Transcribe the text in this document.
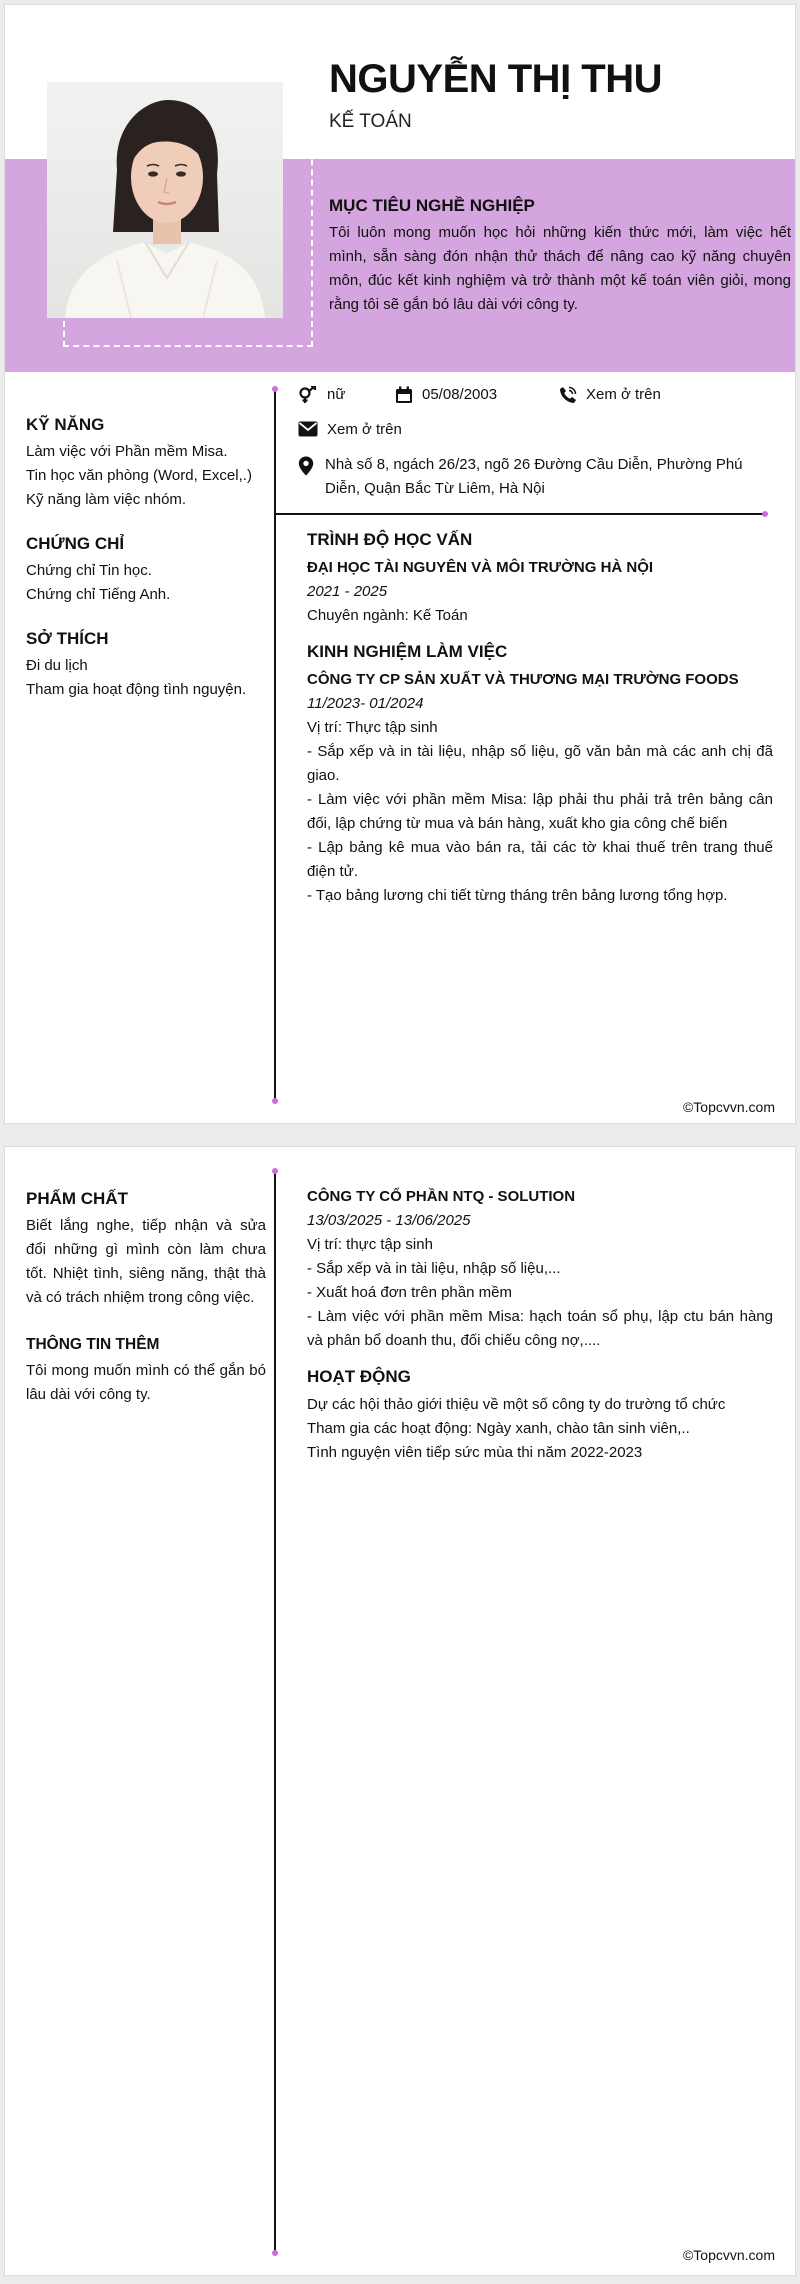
NGUYỄN THỊ THU
KẾ TOÁN
MỤC TIÊU NGHỀ NGHIỆP

Tôi luôn mong muốn học hỏi những kiến thức mới, làm việc hết mình, sẵn sàng đón nhận thử thách để nâng cao kỹ năng chuyên môn, đúc kết kinh nghiệm và trở thành một kế toán viên giỏi, mong rằng tôi sẽ gắn bó lâu dài với công ty.

nữ	05/08/2003	Xem ở trên
Xem ở trên
Nhà số 8, ngách 26/23, ngõ 26 Đường Cầu Diễn, Phường Phú Diễn, Quận Bắc Từ Liêm, Hà Nội
KỸ NĂNG

Làm việc với Phần mềm Misa.

Tin học văn phòng (Word, Excel,.)

Kỹ năng làm việc nhóm.

CHỨNG CHỈ

Chứng chỉ Tin học.

Chứng chỉ Tiếng Anh.

SỞ THÍCH

Đi du lịch

Tham gia hoạt động tình nguyện.

TRÌNH ĐỘ HỌC VẤN
ĐẠI HỌC TÀI NGUYÊN VÀ MÔI TRƯỜNG HÀ NỘI
2021 - 2025

Chuyên ngành: Kế Toán

KINH NGHIỆM LÀM VIỆC
CÔNG TY CP SẢN XUẤT VÀ THƯƠNG MẠI TRƯỜNG FOODS
11/2023- 01/2024

Vị trí: Thực tập sinh

- Sắp xếp và in tài liệu, nhập số liệu, gõ văn bản mà các anh chị đã giao.

- Làm việc với phần mềm Misa: lập phải thu phải trả trên bảng cân đối, lập chứng từ mua và bán hàng, xuất kho gia công chế biến

- Lập bảng kê mua vào bán ra, tải các tờ khai thuế trên trang thuế điện tử.

- Tạo bảng lương chi tiết từng tháng trên bảng lương tổng hợp.

©Topcvvn.com
PHẨM CHẤT

Biết lắng nghe, tiếp nhận và sửa đổi những gì mình còn làm chưa tốt. Nhiệt tình, siêng năng, thật thà và có trách nhiệm trong công việc.

THÔNG TIN THÊM

Tôi mong muốn mình có thể gắn bó lâu dài với công ty.

CÔNG TY CỔ PHẦN NTQ - SOLUTION
13/03/2025 - 13/06/2025

Vị trí: thực tập sinh

- Sắp xếp và in tài liệu, nhập số liệu,...

- Xuất hoá đơn trên phần mềm

- Làm việc với phần mềm Misa: hạch toán sổ phụ, lập ctu bán hàng và phân bổ doanh thu, đối chiếu công nợ,....

HOẠT ĐỘNG

Dự các hội thảo giới thiệu về một số công ty do trường tổ chức

Tham gia các hoạt động: Ngày xanh, chào tân sinh viên,..

Tình nguyện viên tiếp sức mùa thi năm 2022-2023

©Topcvvn.com
